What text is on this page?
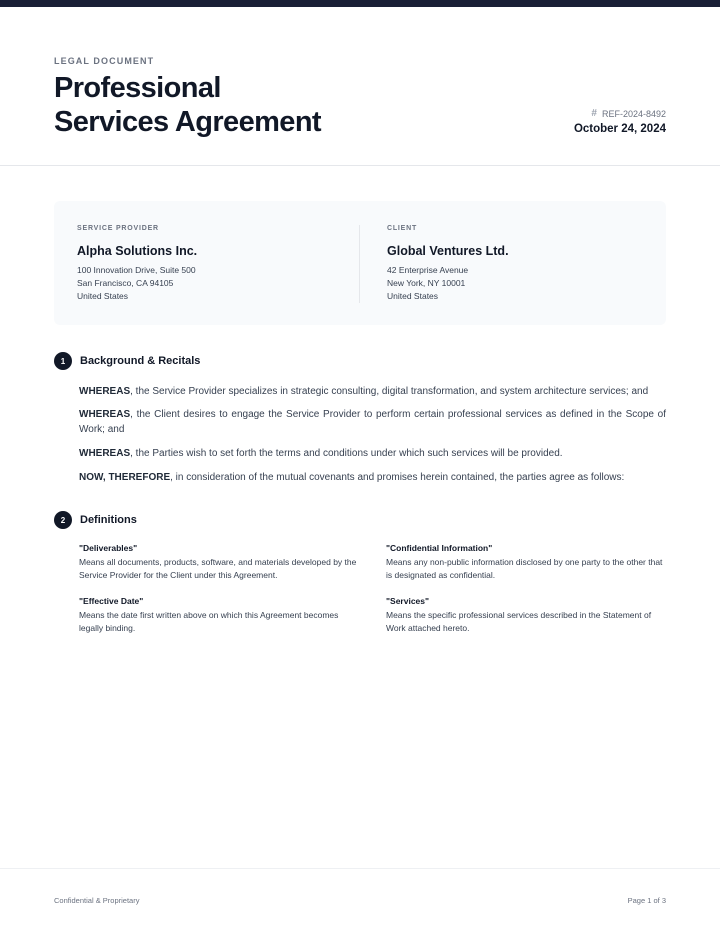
LEGAL DOCUMENT
Professional
Services Agreement	# REF-2024-8492
October 24, 2024
SERVICE PROVIDER
Alpha Solutions Inc.
100 Innovation Drive, Suite 500
San Francisco, CA 94105
United States
CLIENT
Global Ventures Ltd.
42 Enterprise Avenue
New York, NY 10001
United States
1	Background & Recitals

WHEREAS, the Service Provider specializes in strategic consulting, digital transformation, and system architecture services; and

WHEREAS, the Client desires to engage the Service Provider to perform certain professional services as defined in the Scope of Work; and

WHEREAS, the Parties wish to set forth the terms and conditions under which such services will be provided.

NOW, THEREFORE, in consideration of the mutual covenants and promises herein contained, the parties agree as follows:

2	Definitions
"Deliverables"
Means all documents, products, software, and materials developed by the Service Provider for the Client under this Agreement.
"Confidential Information"
Means any non-public information disclosed by one party to the other that is designated as confidential.
"Effective Date"
Means the date first written above on which this Agreement becomes legally binding.
"Services"
Means the specific professional services described in the Statement of Work attached hereto.
Confidential & Proprietary	Page 1 of 3
